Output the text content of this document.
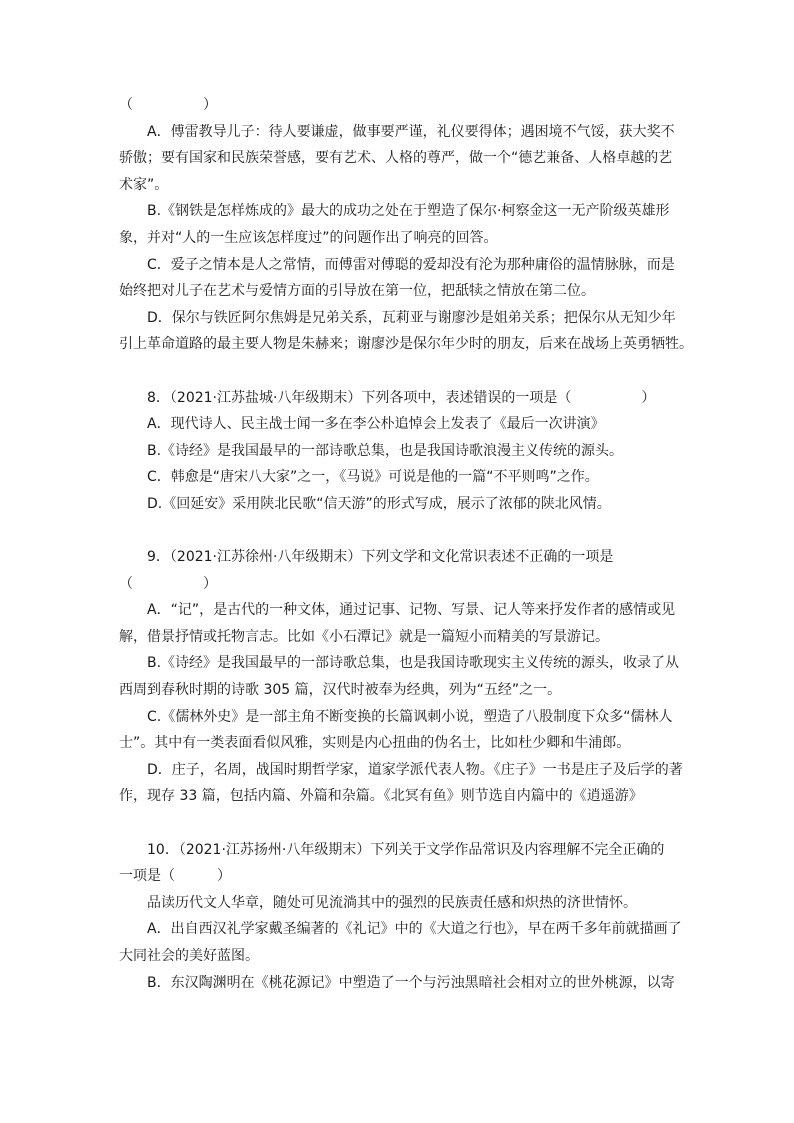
（　　　　　）
A．傅雷教导儿子：待人要谦虚，做事要严谨，礼仪要得体；遇困境不气馁，获大奖不
骄傲；要有国家和民族荣誉感，要有艺术、人格的尊严，做一个“德艺兼备、人格卓越的艺
术家”。
B.《钢铁是怎样炼成的》最大的成功之处在于塑造了保尔·柯察金这一无产阶级英雄形
象，并对“人的一生应该怎样度过”的问题作出了响亮的回答。
C．爱子之情本是人之常情，而傅雷对傅聪的爱却没有沦为那种庸俗的温情脉脉，而是
始终把对儿子在艺术与爱情方面的引导放在第一位，把舐犊之情放在第二位。
D．保尔与铁匠阿尔焦姆是兄弟关系，瓦莉亚与谢廖沙是姐弟关系；把保尔从无知少年
引上革命道路的最主要人物是朱赫来；谢廖沙是保尔年少时的朋友，后来在战场上英勇牺牲。
8．（2021·江苏盐城·八年级期末）下列各项中，表述错误的一项是（　　　　　）
A．现代诗人、民主战士闻一多在李公朴追悼会上发表了《最后一次讲演》
B.《诗经》是我国最早的一部诗歌总集，也是我国诗歌浪漫主义传统的源头。
C．韩愈是“唐宋八大家”之一，《马说》可说是他的一篇“不平则鸣”之作。
D.《回延安》采用陕北民歌“信天游”的形式写成，展示了浓郁的陕北风情。
9．（2021·江苏徐州·八年级期末）下列文学和文化常识表述不正确的一项是
（　　　　　）
A．“记”，是古代的一种文体，通过记事、记物、写景、记人等来抒发作者的感情或见
解，借景抒情或托物言志。比如《小石潭记》就是一篇短小而精美的写景游记。
B.《诗经》是我国最早的一部诗歌总集，也是我国诗歌现实主义传统的源头，收录了从
西周到春秋时期的诗歌 305 篇，汉代时被奉为经典，列为“五经”之一。
C.《儒林外史》是一部主角不断变换的长篇讽刺小说，塑造了八股制度下众多“儒林人
士”。其中有一类表面看似风雅，实则是内心扭曲的伪名士，比如杜少卿和牛浦郎。
D．庄子，名周，战国时期哲学家，道家学派代表人物。《庄子》一书是庄子及后学的著
作，现存 33 篇，包括内篇、外篇和杂篇。《北冥有鱼》则节选自内篇中的《逍遥游》
10．（2021·江苏扬州·八年级期末）下列关于文学作品常识及内容理解不完全正确的
一项是（　　　）
品读历代文人华章，随处可见流淌其中的强烈的民族责任感和炽热的济世情怀。
A．出自西汉礼学家戴圣编著的《礼记》中的《大道之行也》，早在两千多年前就描画了
大同社会的美好蓝图。
B．东汉陶渊明在《桃花源记》中塑造了一个与污浊黑暗社会相对立的世外桃源，以寄
